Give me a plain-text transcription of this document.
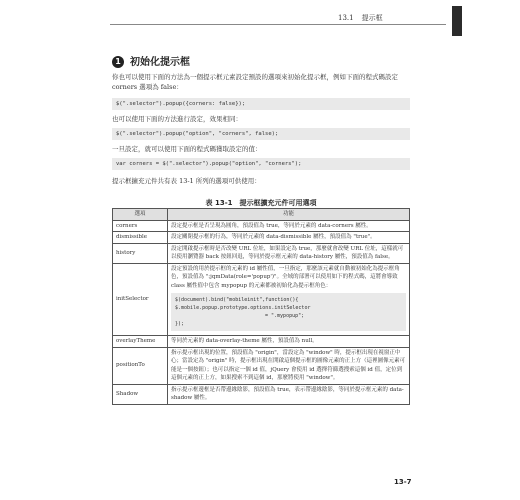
13.1 提示框
1 初始化提示框
你也可以使用下面的方法為一個提示框元素設定預設的選項來初始化提示框，例如下面的程式碼設定 corners 選項為 false：
$(".selector").popup({corners: false});
也可以使用下面的方法進行設定，效果相同：
$(".selector").popup("option", "corners", false);
一旦設定，就可以使用下面的程式碼獲取設定的值：
var corners = $(".selector").popup("option", "corners");
提示框擴充元件共有表 13-1 所列的選項可供使用：
表 13-1　提示框擴充元件可用選項
選項	功能
corners	設定提示框是否呈現為圓角，預設值為 true，等同於元素的 data-corners 屬性。
dismissible	設定關閉提示框的行為，等同於元素的 data-dismissible 屬性，預設值為 "true"。
history	設定開啟提示框時是否改變 URL 位址，如果設定為 true，那麼就會改變 URL 位址，這樣就可以使用瀏覽器 back 按鈕回退，等同於提示框元素的 data-history 屬性，預設值為 false。
initSelector	設定預設的用於提示框的元素的 id 屬性值，一旦指定，那麼該元素就自動被初始化為提示框角色，預設值為 ":jqmData(role='popup')"。全域的部署可以使用如下的程式碼，這將會導致 class 屬性值中包含 mypopup 的元素都被初始化為提示框角色：
$(document).bind("mobileinit",function(){
$.mobile.popup.prototype.options.initSelector
= ".mypopup";
});

overlayTheme	等同於元素的 data-overlay-theme 屬性，預設值為 null。
positionTo	指示提示框出現的位置，預設值為 "origin"，當設定為 "window" 時，提示框出現在視窗正中心；當設定為 "origin" 時，提示框出現在開啟這個提示框的圖像元素的正上方（這裡圖像元素可能是一個按鈕）；也可以指定一個 id 值，jQuery 會使用 id 選擇符篩選搜索這個 id 值，定位到這個元素的正上方，如果搜索不到這個 id，那麼將使用 "window"。
Shadow	指示提示框邊框是否帶邊緣陰影，預設值為 true，表示帶邊緣陰影，等同於提示框元素的 data-shadow 屬性。
13-7
